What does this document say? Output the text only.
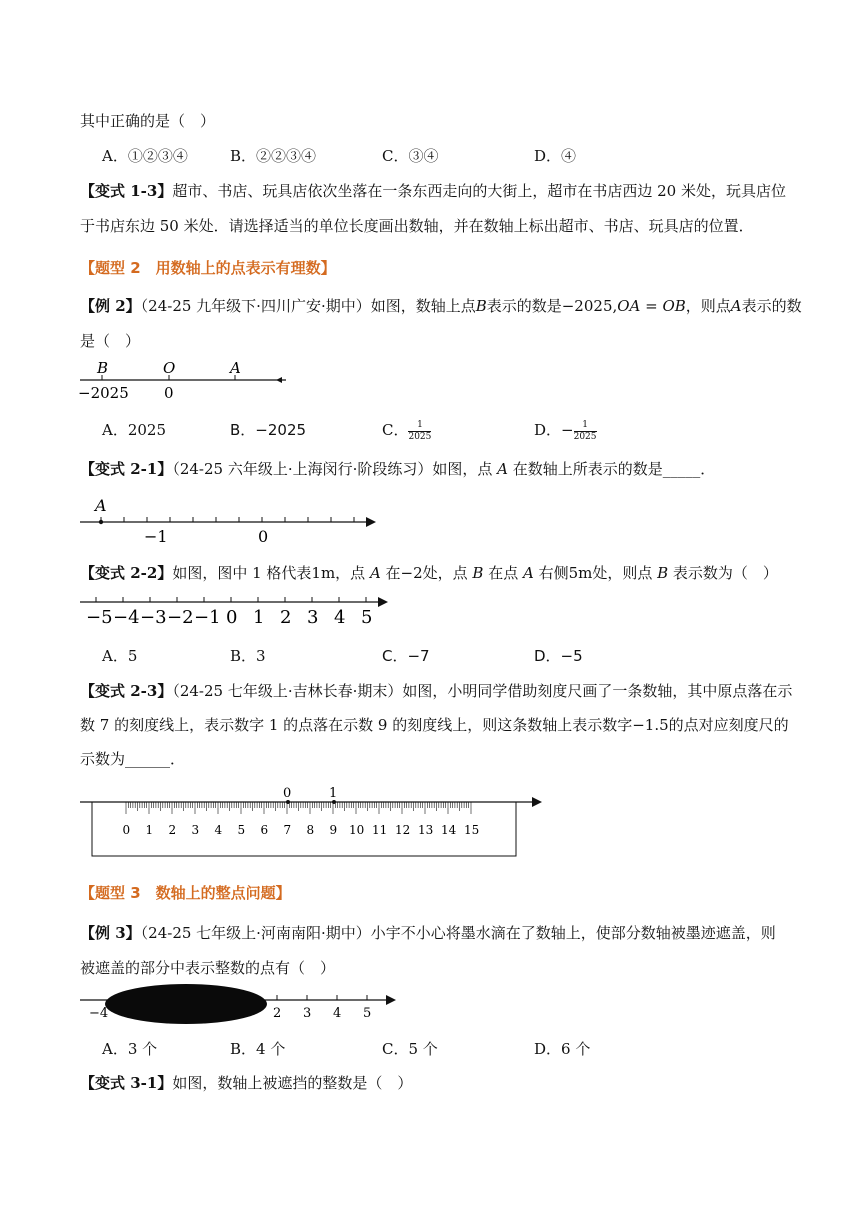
其中正确的是（　）
A．①②③④	B．②②③④	C．③④	D．④
【变式 1-3】超市、书店、玩具店依次坐落在一条东西走向的大街上，超市在书店西边 20 米处，玩具店位
于书店东边 50 米处．请选择适当的单位长度画出数轴，并在数轴上标出超市、书店、玩具店的位置．
【题型 2　用数轴上的点表示有理数】
【例 2】（24-25 九年级下·四川广安·期中）如图，数轴上点𝐵表示的数是−2025,𝑂𝐴 = 𝑂𝐵，则点𝐴表示的数
是（　）
B	O	A
−2025 0
A．2025	B．−2025	C． $\frac{1}{2025}$	D．− $\frac{1}{2025}$
【变式 2-1】（24-25 六年级上·上海闵行·阶段练习）如图，点 𝐴 在数轴上所表示的数是_____．
A
−1	0
【变式 2-2】如图，图中 1 格代表1m，点 𝐴 在−2处，点 𝐵 在点 𝐴 右侧5m处，则点 𝐵 表示数为（　）
−5 −4 −3 −2 −1 0 1 2 3 4 5
A．5	B．3	C．−7	D．−5
【变式 2-3】（24-25 七年级上·吉林长春·期末）如图，小明同学借助刻度尺画了一条数轴，其中原点落在示
数 7 的刻度线上，表示数字 1 的点落在示数 9 的刻度线上，则这条数轴上表示数字−1.5的点对应刻度尺的
示数为______．
0	1
0 1 2 3 4 5 6 7 8 9 10 11 12 13 14 15
【题型 3　数轴上的整点问题】
【例 3】（24-25 七年级上·河南南阳·期中）小宇不小心将墨水滴在了数轴上，使部分数轴被墨迹遮盖，则
被遮盖的部分中表示整数的点有（　）
−4	2 3 4 5
A．3 个	B．4 个	C．5 个	D．6 个
【变式 3-1】如图，数轴上被遮挡的整数是（　）
